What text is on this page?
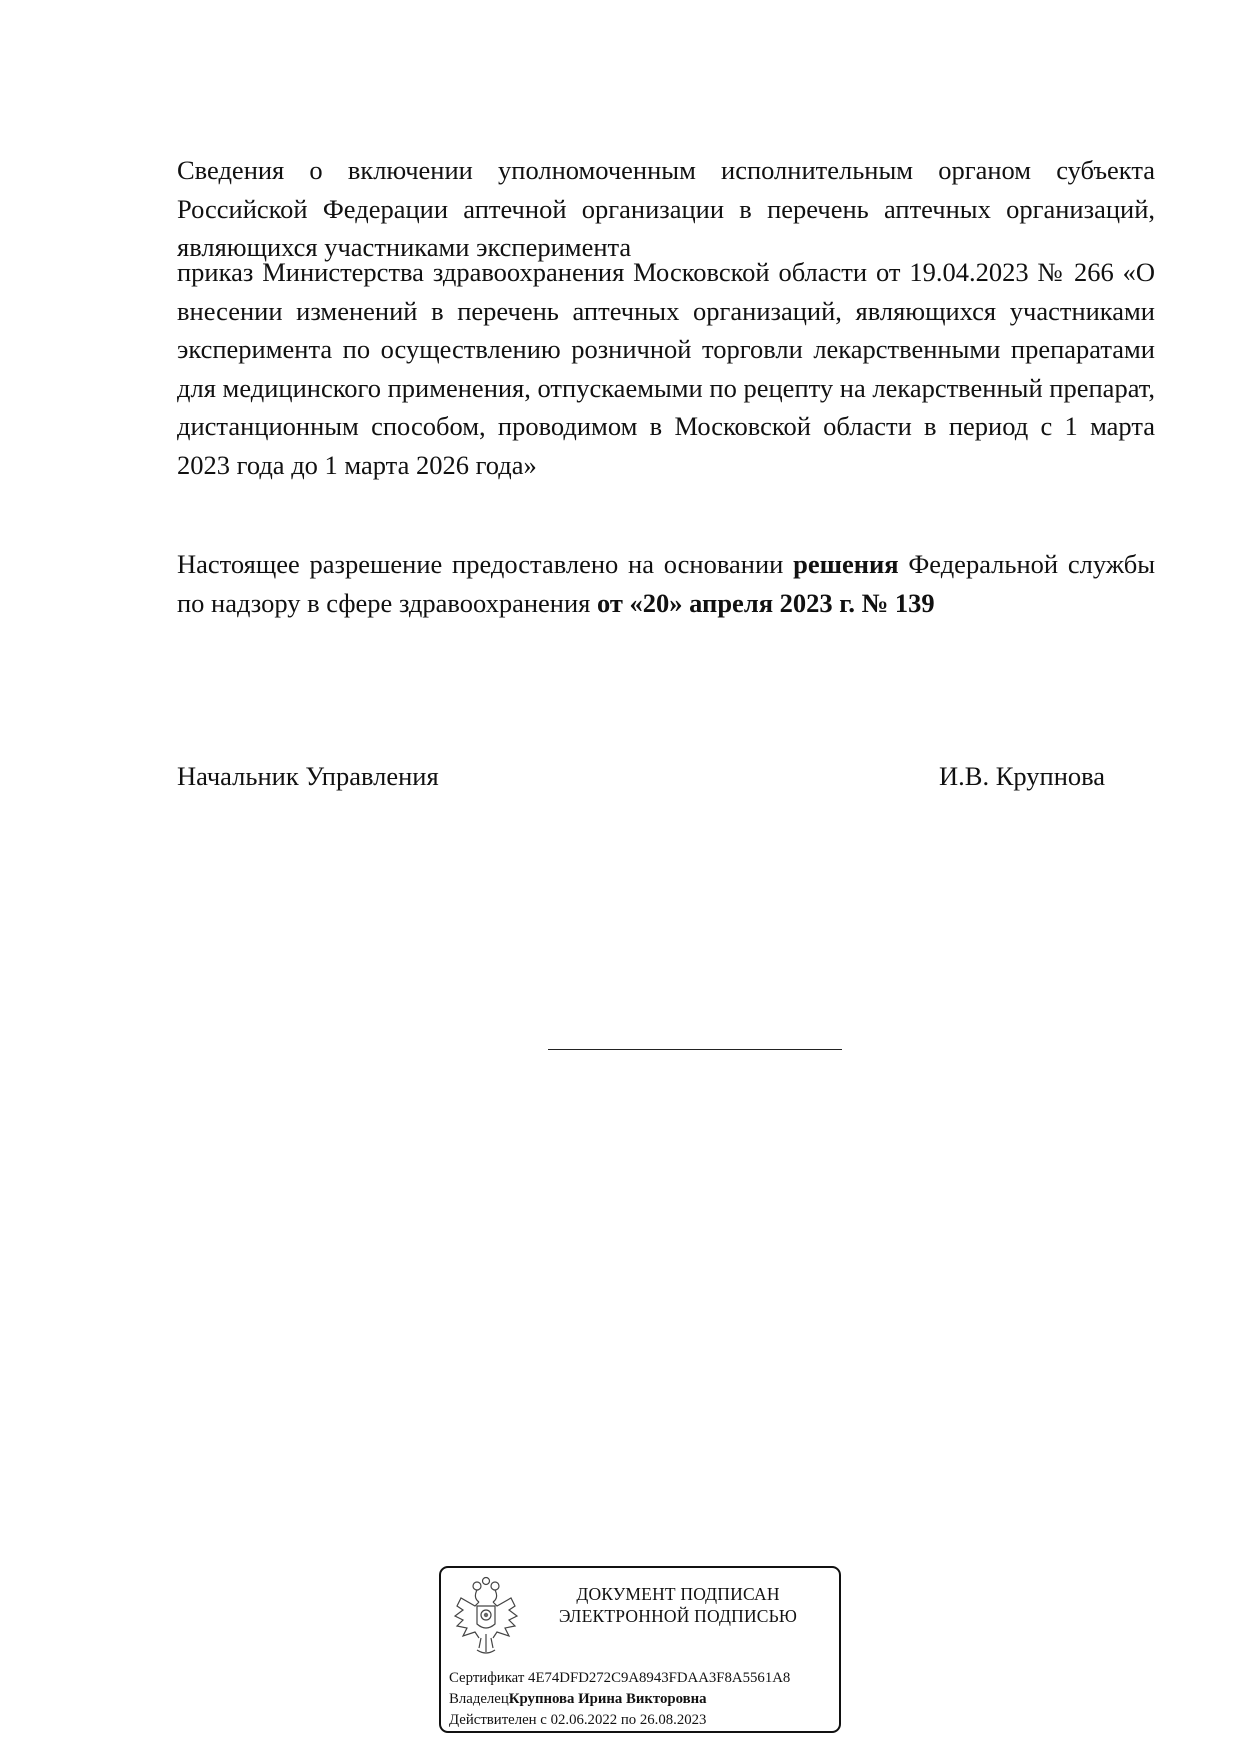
Сведения о включении уполномоченным исполнительным органом субъекта Российской Федерации аптечной организации в перечень аптечных организаций, являющихся участниками эксперимента

приказ Министерства здравоохранения Московской области от 19.04.2023 № 266 «О внесении изменений в перечень аптечных организаций, являющихся участниками эксперимента по осуществлению розничной торговли лекарственными препаратами для медицинского применения, отпускаемыми по рецепту на лекарственный препарат, дистанционным способом, проводимом в Московской области в период с 1 марта 2023 года до 1 марта 2026 года»

Настоящее разрешение предоставлено на основании решения Федеральной службы по надзору в сфере здравоохранения от «20» апреля 2023 г. № 139

Начальник Управления	И.В. Крупнова
ДОКУМЕНТ ПОДПИСАН
ЭЛЕКТРОННОЙ ПОДПИСЬЮ
Сертификат 4E74DFD272C9A8943FDAA3F8A5561A8
ВладелецКрупнова Ирина Викторовна
Действителен с 02.06.2022 по 26.08.2023
